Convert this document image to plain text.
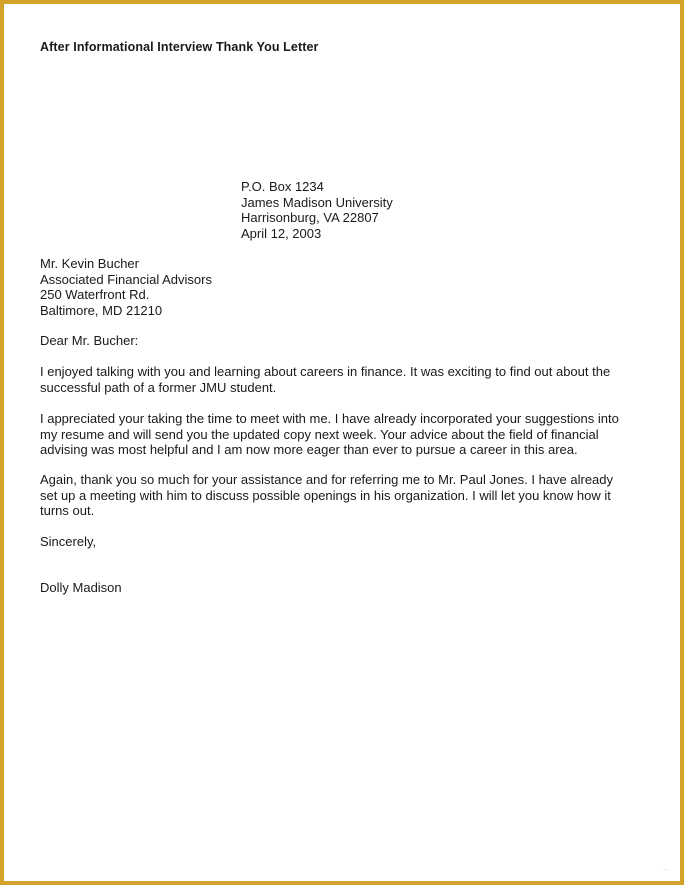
After Informational Interview Thank You Letter
P.O. Box 1234
James Madison University
Harrisonburg, VA 22807
April 12, 2003
Mr. Kevin Bucher
Associated Financial Advisors
250 Waterfront Rd.
Baltimore, MD 21210
Dear Mr. Bucher:
I enjoyed talking with you and learning about careers in finance. It was exciting to find out about the
successful path of a former JMU student.
I appreciated your taking the time to meet with me. I have already incorporated your suggestions into
my resume and will send you the updated copy next week. Your advice about the field of financial
advising was most helpful and I am now more eager than ever to pursue a career in this area.
Again, thank you so much for your assistance and for referring me to Mr. Paul Jones. I have already
set up a meeting with him to discuss possible openings in his organization. I will let you know how it
turns out.
Sincerely,
Dolly Madison
···
